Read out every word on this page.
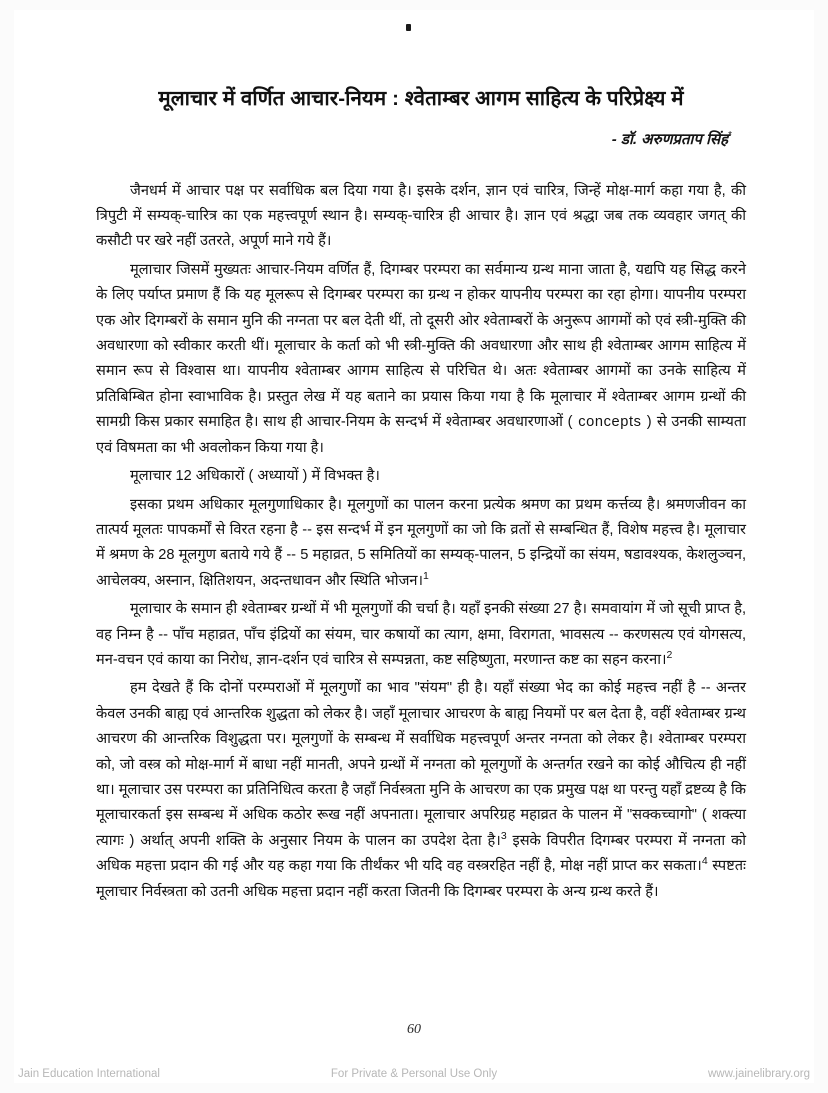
मूलाचार में वर्णित आचार-नियम : श्वेताम्बर आगम साहित्य के परिप्रेक्ष्य में
- डॉ. अरुणप्रताप सिंह*

जैनधर्म में आचार पक्ष पर सर्वाधिक बल दिया गया है। इसके दर्शन, ज्ञान एवं चारित्र, जिन्हें मोक्ष-मार्ग कहा गया है, की त्रिपुटी में सम्यक्-चारित्र का एक महत्त्वपूर्ण स्थान है। सम्यक्-चारित्र ही आचार है। ज्ञान एवं श्रद्धा जब तक व्यवहार जगत् की कसौटी पर खरे नहीं उतरते, अपूर्ण माने गये हैं।

मूलाचार जिसमें मुख्यतः आचार-नियम वर्णित हैं, दिगम्बर परम्परा का सर्वमान्य ग्रन्थ माना जाता है, यद्यपि यह सिद्ध करने के लिए पर्याप्त प्रमाण हैं कि यह मूलरूप से दिगम्बर परम्परा का ग्रन्थ न होकर यापनीय परम्परा का रहा होगा। यापनीय परम्परा एक ओर दिगम्बरों के समान मुनि की नग्नता पर बल देती थीं, तो दूसरी ओर श्वेताम्बरों के अनुरूप आगमों को एवं स्त्री-मुक्ति की अवधारणा को स्वीकार करती थीं। मूलाचार के कर्ता को भी स्त्री-मुक्ति की अवधारणा और साथ ही श्वेताम्बर आगम साहित्य में समान रूप से विश्वास था। यापनीय श्वेताम्बर आगम साहित्य से परिचित थे। अतः श्वेताम्बर आगमों का उनके साहित्य में प्रतिबिम्बित होना स्वाभाविक है। प्रस्तुत लेख में यह बताने का प्रयास किया गया है कि मूलाचार में श्वेताम्बर आगम ग्रन्थों की सामग्री किस प्रकार समाहित है। साथ ही आचार-नियम के सन्दर्भ में श्वेताम्बर अवधारणाओं ( concepts ) से उनकी साम्यता एवं विषमता का भी अवलोकन किया गया है।

मूलाचार 12 अधिकारों ( अध्यायों ) में विभक्त है।

इसका प्रथम अधिकार मूलगुणाधिकार है। मूलगुणों का पालन करना प्रत्येक श्रमण का प्रथम कर्त्तव्य है। श्रमणजीवन का तात्पर्य मूलतः पापकर्मों से विरत रहना है -- इस सन्दर्भ में इन मूलगुणों का जो कि व्रतों से सम्बन्धित हैं, विशेष महत्त्व है। मूलाचार में श्रमण के 28 मूलगुण बताये गये हैं -- 5 महाव्रत, 5 समितियों का सम्यक्-पालन, 5 इन्द्रियों का संयम, षडावश्यक, केशलुञ्चन, आचेलक्य, अस्नान, क्षितिशयन, अदन्तधावन और स्थिति भोजन।$^1$

मूलाचार के समान ही श्वेताम्बर ग्रन्थों में भी मूलगुणों की चर्चा है। यहाँ इनकी संख्या 27 है। समवायांग में जो सूची प्राप्त है, वह निम्न है -- पाँच महाव्रत, पाँच इंद्रियों का संयम, चार कषायों का त्याग, क्षमा, विरागता, भावसत्य -- करणसत्य एवं योगसत्य, मन-वचन एवं काया का निरोध, ज्ञान-दर्शन एवं चारित्र से सम्पन्नता, कष्ट सहिष्णुता, मरणान्त कष्ट का सहन करना।$^2$

हम देखते हैं कि दोनों परम्पराओं में मूलगुणों का भाव "संयम" ही है। यहाँ संख्या भेद का कोई महत्त्व नहीं है -- अन्तर केवल उनकी बाह्य एवं आन्तरिक शुद्धता को लेकर है। जहाँ मूलाचार आचरण के बाह्य नियमों पर बल देता है, वहीं श्वेताम्बर ग्रन्थ आचरण की आन्तरिक विशुद्धता पर। मूलगुणों के सम्बन्ध में सर्वाधिक महत्त्वपूर्ण अन्तर नग्नता को लेकर है। श्वेताम्बर परम्परा को, जो वस्त्र को मोक्ष-मार्ग में बाधा नहीं मानती, अपने ग्रन्थों में नग्नता को मूलगुणों के अन्तर्गत रखने का कोई औचित्य ही नहीं था। मूलाचार उस परम्परा का प्रतिनिधित्व करता है जहाँ निर्वस्त्रता मुनि के आचरण का एक प्रमुख पक्ष था परन्तु यहाँ द्रष्टव्य है कि मूलाचारकर्ता इस सम्बन्ध में अधिक कठोर रूख नहीं अपनाता। मूलाचार अपरिग्रह महाव्रत के पालन में "सक्कच्चागो" ( शक्त्या त्यागः ) अर्थात् अपनी शक्ति के अनुसार नियम के पालन का उपदेश देता है।$^3$ इसके विपरीत दिगम्बर परम्परा में नग्नता को अधिक महत्ता प्रदान की गई और यह कहा गया कि तीर्थंकर भी यदि वह वस्त्ररहित नहीं है, मोक्ष नहीं प्राप्त कर सकता।$^4$ स्पष्टतः मूलाचार निर्वस्त्रता को उतनी अधिक महत्ता प्रदान नहीं करता जितनी कि दिगम्बर परम्परा के अन्य ग्रन्थ करते हैं।

60
Jain Education International	For Private & Personal Use Only	www.jainelibrary.org
